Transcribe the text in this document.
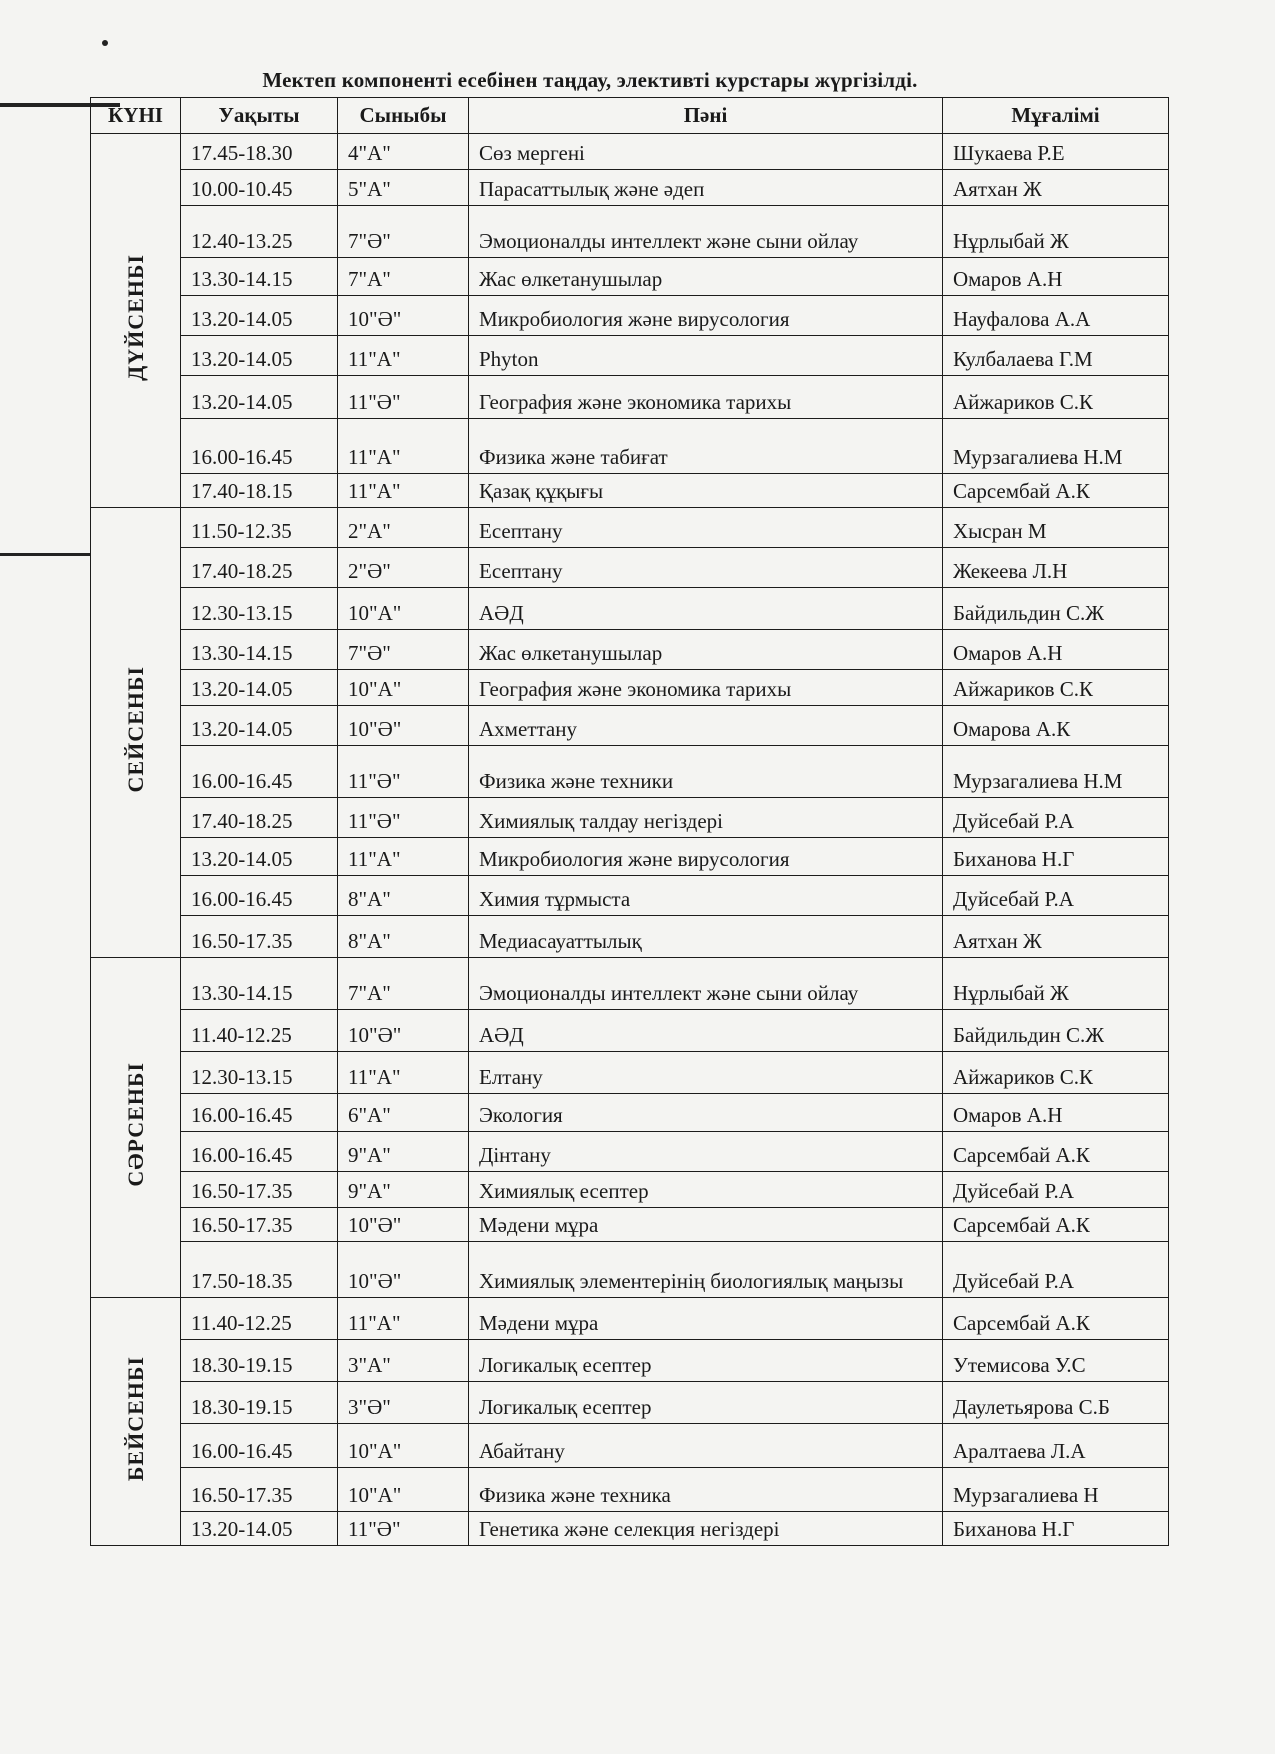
Мектеп компоненті есебінен таңдау, элективті курстары жүргізілді.
КҮНІ	Уақыты	Сыныбы	Пәні	Мұғалімі
ДҮЙСЕНБІ	17.45-18.30	4"А"	Сөз мергені	Шукаева Р.Е
	10.00-10.45	5"А"	Парасаттылық және әдеп	Аятхан Ж
	12.40-13.25	7"Ә"	Эмоционалды интеллект және сыни ойлау	Нұрлыбай Ж
	13.30-14.15	7"А"	Жас өлкетанушылар	Омаров А.Н
	13.20-14.05	10"Ә"	Микробиология және вирусология	Науфалова А.А
	13.20-14.05	11"А"	Phyton	Кулбалаева Г.М
	13.20-14.05	11"Ә"	География және экономика тарихы	Айжариков С.К
	16.00-16.45	11"А"	Физика және табиғат	Мурзагалиева Н.М
	17.40-18.15	11"А"	Қазақ құқығы	Сарсембай А.К
СЕЙСЕНБІ	11.50-12.35	2"А"	Есептану	Хысран М
	17.40-18.25	2"Ә"	Есептану	Жекеева Л.Н
	12.30-13.15	10"А"	АӘД	Байдильдин С.Ж
	13.30-14.15	7"Ә"	Жас өлкетанушылар	Омаров А.Н
	13.20-14.05	10"А"	География және экономика тарихы	Айжариков С.К
	13.20-14.05	10"Ә"	Ахметтану	Омарова А.К
	16.00-16.45	11"Ә"	Физика және техники	Мурзагалиева Н.М
	17.40-18.25	11"Ә"	Химиялық талдау негіздері	Дуйсебай Р.А
	13.20-14.05	11"А"	Микробиология және вирусология	Биханова Н.Г
	16.00-16.45	8"А"	Химия тұрмыста	Дуйсебай Р.А
	16.50-17.35	8"А"	Медиасауаттылық	Аятхан Ж
СӘРСЕНБІ	13.30-14.15	7"А"	Эмоционалды интеллект және сыни ойлау	Нұрлыбай Ж
	11.40-12.25	10"Ә"	АӘД	Байдильдин С.Ж
	12.30-13.15	11"А"	Елтану	Айжариков С.К
	16.00-16.45	6"А"	Экология	Омаров А.Н
	16.00-16.45	9"А"	Дінтану	Сарсембай А.К
	16.50-17.35	9"А"	Химиялық есептер	Дуйсебай Р.А
	16.50-17.35	10"Ә"	Мәдени мұра	Сарсембай А.К
	17.50-18.35	10"Ә"	Химиялық элементерінің биологиялық маңызы	Дуйсебай Р.А
БЕЙСЕНБІ	11.40-12.25	11"А"	Мәдени мұра	Сарсембай А.К
	18.30-19.15	3"А"	Логикалық есептер	Утемисова У.С
	18.30-19.15	3"Ә"	Логикалық есептер	Даулетьярова С.Б
	16.00-16.45	10"А"	Абайтану	Аралтаева Л.А
	16.50-17.35	10"А"	Физика және техника	Мурзагалиева Н
	13.20-14.05	11"Ә"	Генетика және селекция негіздері	Биханова Н.Г
